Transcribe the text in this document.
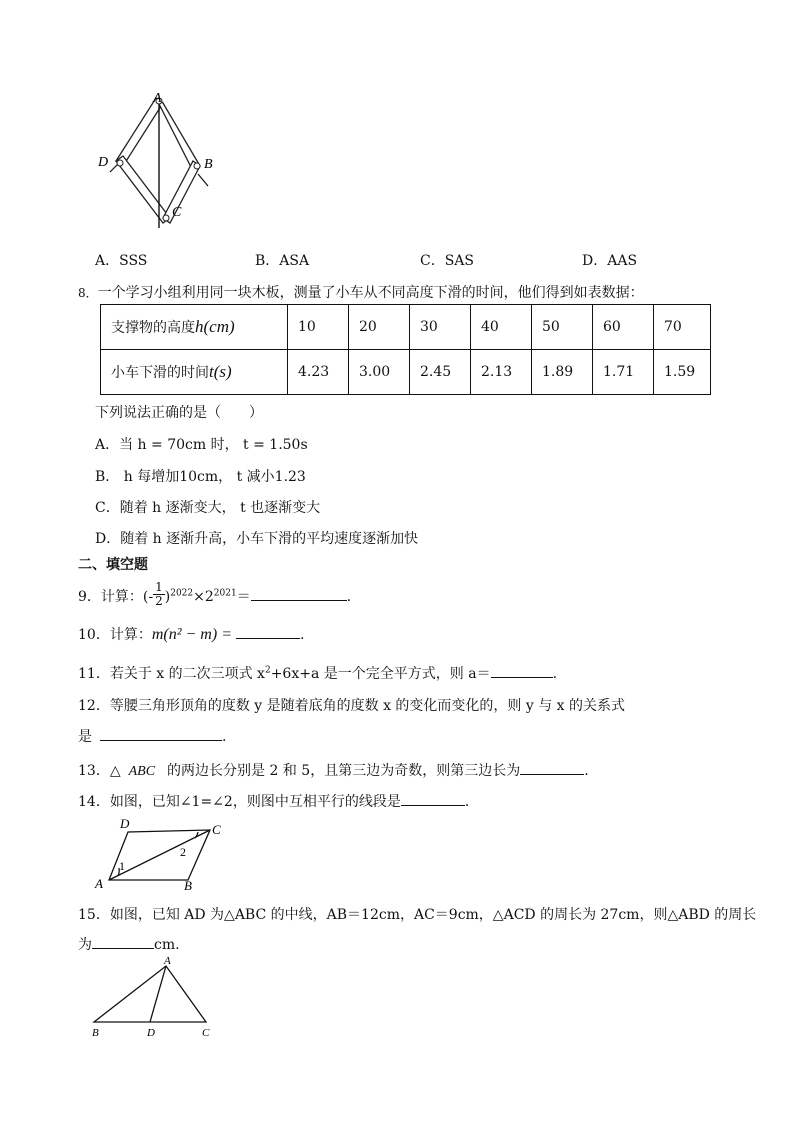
A
D	B
C
A．SSS	B．ASA	C．SAS	D．AAS
8．一个学习小组利用同一块木板，测量了小车从不同高度下滑的时间，他们得到如表数据：
支撑物的高度h(cm)	10	20	30	40	50	60	70
小车下滑的时间t(s)	4.23	3.00	2.45	2.13	1.89	1.71	1.59
下列说法正确的是（　　）
A．当 h = 70cm 时， t = 1.50s
B． h 每增加10cm， t 减小1.23
C．随着 h 逐渐变大， t 也逐渐变大
D．随着 h 逐渐升高，小车下滑的平均速度逐渐加快
二、填空题
9．计算：(- $\frac{1}{2} )^{2022}\times 2^{2021}=$	.
10．计算：m(n² − m) =	.
11．若关于 x 的二次三项式 $x^2+6x+a$ 是一个完全平方式，则 a＝	.
12．等腰三角形顶角的度数 y 是随着底角的度数 x 的变化而变化的，则 y 与 x 的关系式
是	.
13．△ ABC 的两边长分别是 2 和 5，且第三边为奇数，则第三边长为	.
14．如图，已知∠1=∠2，则图中互相平行的线段是	.
D	C
A	B
1
2
15．如图，已知 AD 为△ABC 的中线，AB＝12cm，AC＝9cm，△ACD 的周长为 27cm，则△ABD 的周长
为	cm.
A
B	D	C
